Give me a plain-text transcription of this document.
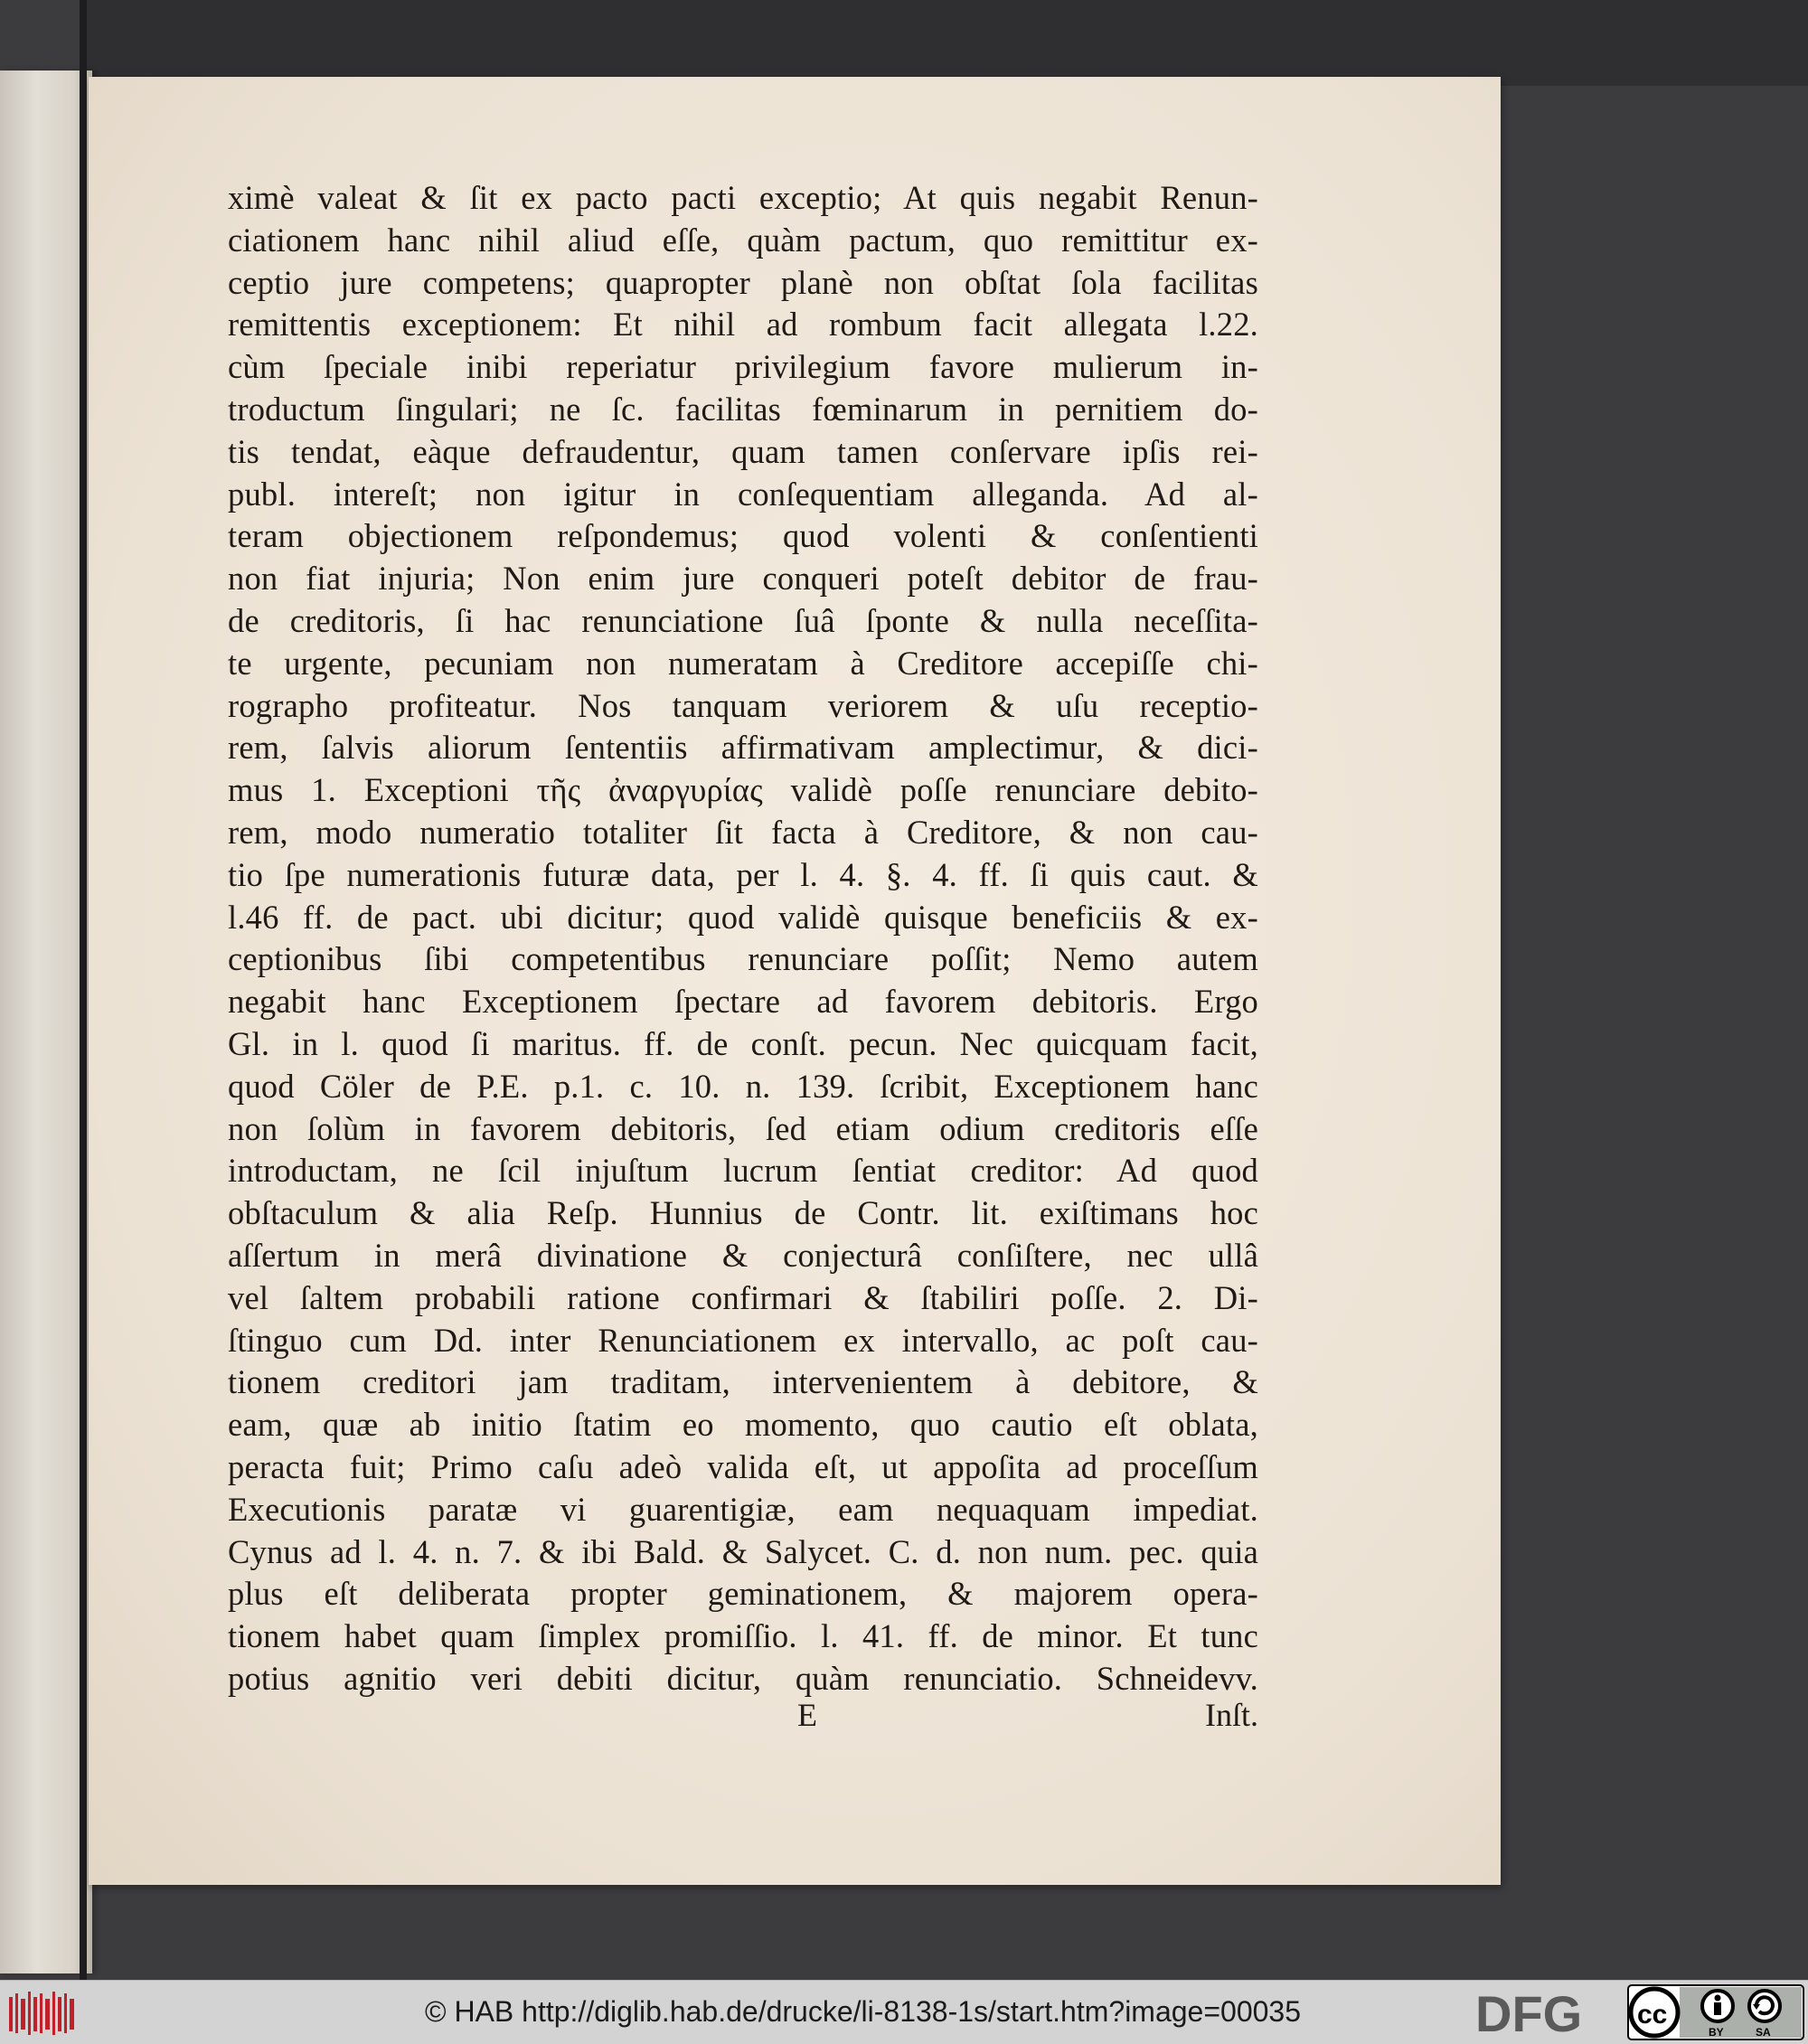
ximè valeat & ſit ex pacto pacti exceptio; At quis negabit Renun-
ciationem hanc nihil aliud eſſe, quàm pactum, quo remittitur ex-
ceptio jure competens; quapropter planè non obſtat ſola facilitas
remittentis exceptionem: Et nihil ad rombum facit allegata l.22.
cùm ſpeciale inibi reperiatur privilegium favore mulierum in-
troductum ſingulari; ne ſc. facilitas fœminarum in pernitiem do-
tis tendat, eàque defraudentur, quam tamen conſervare ipſis rei-
publ. intereſt; non igitur in conſequentiam alleganda. Ad al-
teram objectionem reſpondemus; quod volenti & conſentienti
non fiat injuria; Non enim jure conqueri poteſt debitor de frau-
de creditoris, ſi hac renunciatione ſuâ ſponte & nulla neceſſita-
te urgente, pecuniam non numeratam à Creditore accepiſſe chi-
rographo profiteatur. Nos tanquam veriorem & uſu receptio-
rem, ſalvis aliorum ſententiis affirmativam amplectimur, & dici-
mus 1. Exceptioni τῆς ἀναργυρίας validè poſſe renunciare debito-
rem, modo numeratio totaliter ſit facta à Creditore, & non cau-
tio ſpe numerationis futuræ data, per l. 4. §. 4. ff. ſi quis caut. &
l.46 ff. de pact. ubi dicitur; quod validè quisque beneficiis & ex-
ceptionibus ſibi competentibus renunciare poſſit; Nemo autem
negabit hanc Exceptionem ſpectare ad favorem debitoris. Ergo
Gl. in l. quod ſi maritus. ff. de conſt. pecun. Nec quicquam facit,
quod Cöler de P.E. p.1. c. 10. n. 139. ſcribit, Exceptionem hanc
non ſolùm in favorem debitoris, ſed etiam odium creditoris eſſe
introductam, ne ſcil injuſtum lucrum ſentiat creditor: Ad quod
obſtaculum & alia Reſp. Hunnius de Contr. lit. exiſtimans hoc
aſſertum in merâ divinatione & conjecturâ conſiſtere, nec ullâ
vel ſaltem probabili ratione confirmari & ſtabiliri poſſe. 2. Di-
ſtinguo cum Dd. inter Renunciationem ex intervallo, ac poſt cau-
tionem creditori jam traditam, intervenientem à debitore, &
eam, quæ ab initio ſtatim eo momento, quo cautio eſt oblata,
peracta fuit; Primo caſu adeò valida eſt, ut appoſita ad proceſſum
Executionis paratæ vi guarentigiæ, eam nequaquam impediat.
Cynus ad l. 4. n. 7. & ibi Bald. & Salycet. C. d. non num. pec. quia
plus eſt deliberata propter geminationem, & majorem opera-
tionem habet quam ſimplex promiſſio. l. 41. ff. de minor. Et tunc
potius agnitio veri debiti dicitur, quàm renunciatio. Schneidevv.
E	Inſt.
© HAB http://diglib.hab.de/drucke/li-8138-1s/start.htm?image=00035	DFG cc
BY	SA
